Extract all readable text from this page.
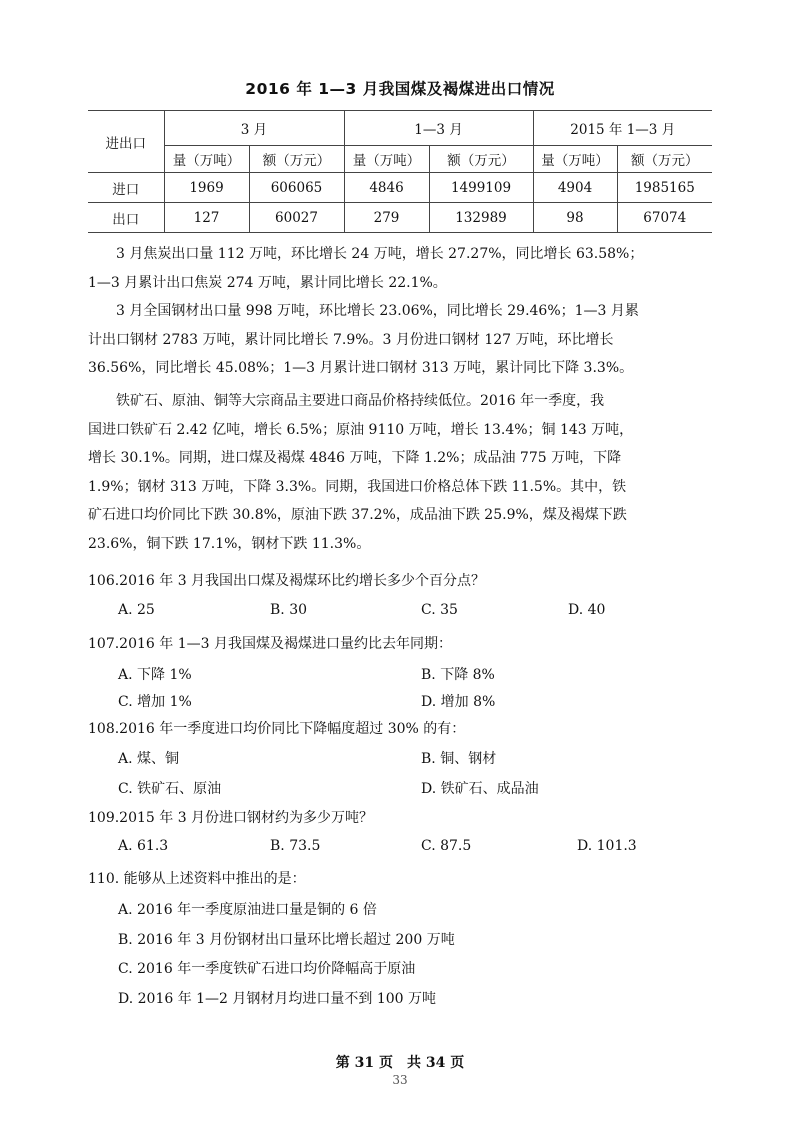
2016 年 1—3 月我国煤及褐煤进出口情况
进出口	3 月		1—3 月		2015 年 1—3 月	
	量（万吨）	额（万元）	量（万吨）	额（万元）	量（万吨）	额（万元）
进口	1969	606065	4846	1499109	4904	1985165
出口	127	60027	279	132989	98	67074
3 月焦炭出口量 112 万吨，环比增长 24 万吨，增长 27.27%，同比增长 63.58%；
1—3 月累计出口焦炭 274 万吨，累计同比增长 22.1%。
3 月全国钢材出口量 998 万吨，环比增长 23.06%，同比增长 29.46%；1—3 月累
计出口钢材 2783 万吨，累计同比增长 7.9%。3 月份进口钢材 127 万吨，环比增长
36.56%，同比增长 45.08%；1—3 月累计进口钢材 313 万吨，累计同比下降 3.3%。
铁矿石、原油、铜等大宗商品主要进口商品价格持续低位。2016 年一季度，我
国进口铁矿石 2.42 亿吨，增长 6.5%；原油 9110 万吨，增长 13.4%；铜 143 万吨，
增长 30.1%。同期，进口煤及褐煤 4846 万吨，下降 1.2%；成品油 775 万吨，下降
1.9%；钢材 313 万吨，下降 3.3%。同期，我国进口价格总体下跌 11.5%。其中，铁
矿石进口均价同比下跌 30.8%，原油下跌 37.2%，成品油下跌 25.9%，煤及褐煤下跌
23.6%，铜下跌 17.1%，钢材下跌 11.3%。
106.2016 年 3 月我国出口煤及褐煤环比约增长多少个百分点？
A. 25	B. 30	C. 35	D. 40
107.2016 年 1—3 月我国煤及褐煤进口量约比去年同期：
A. 下降 1%	B. 下降 8%
C. 增加 1%	D. 增加 8%
108.2016 年一季度进口均价同比下降幅度超过 30% 的有：
A. 煤、铜	B. 铜、钢材
C. 铁矿石、原油	D. 铁矿石、成品油
109.2015 年 3 月份进口钢材约为多少万吨？
A. 61.3	B. 73.5	C. 87.5	D. 101.3
110. 能够从上述资料中推出的是：
A. 2016 年一季度原油进口量是铜的 6 倍
B. 2016 年 3 月份钢材出口量环比增长超过 200 万吨
C. 2016 年一季度铁矿石进口均价降幅高于原油
D. 2016 年 1—2 月钢材月均进口量不到 100 万吨
第 31 页　共 34 页
33
